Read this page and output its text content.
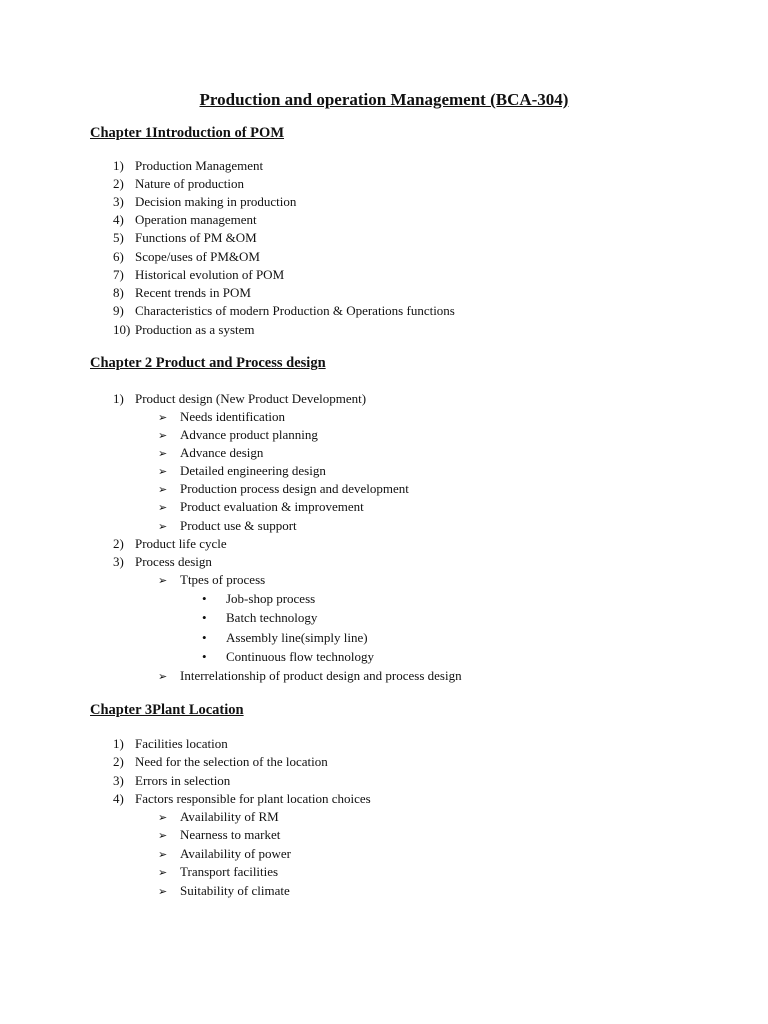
Production and operation Management (BCA-304)
Chapter 1Introduction of POM
1) Production Management
2) Nature of production
3) Decision making in production
4) Operation management
5) Functions of PM &OM
6) Scope/uses of PM&OM
7) Historical evolution of POM
8) Recent trends in POM
9) Characteristics of modern Production & Operations functions
10) Production as a system
Chapter 2 Product and Process design
1) Product design (New Product Development)
➢ Needs identification
➢ Advance product planning
➢ Advance design
➢ Detailed engineering design
➢ Production process design and development
➢ Product evaluation & improvement
➢ Product use & support
2) Product life cycle
3) Process design
➢ Ttpes of process
• Job-shop process
• Batch technology
• Assembly line(simply line)
• Continuous flow technology
➢ Interrelationship of product design and process design
Chapter 3Plant Location
1) Facilities location
2) Need for the selection of the location
3) Errors in selection
4) Factors responsible for plant location choices
➢ Availability of RM
➢ Nearness to market
➢ Availability of power
➢ Transport facilities
➢ Suitability of climate
